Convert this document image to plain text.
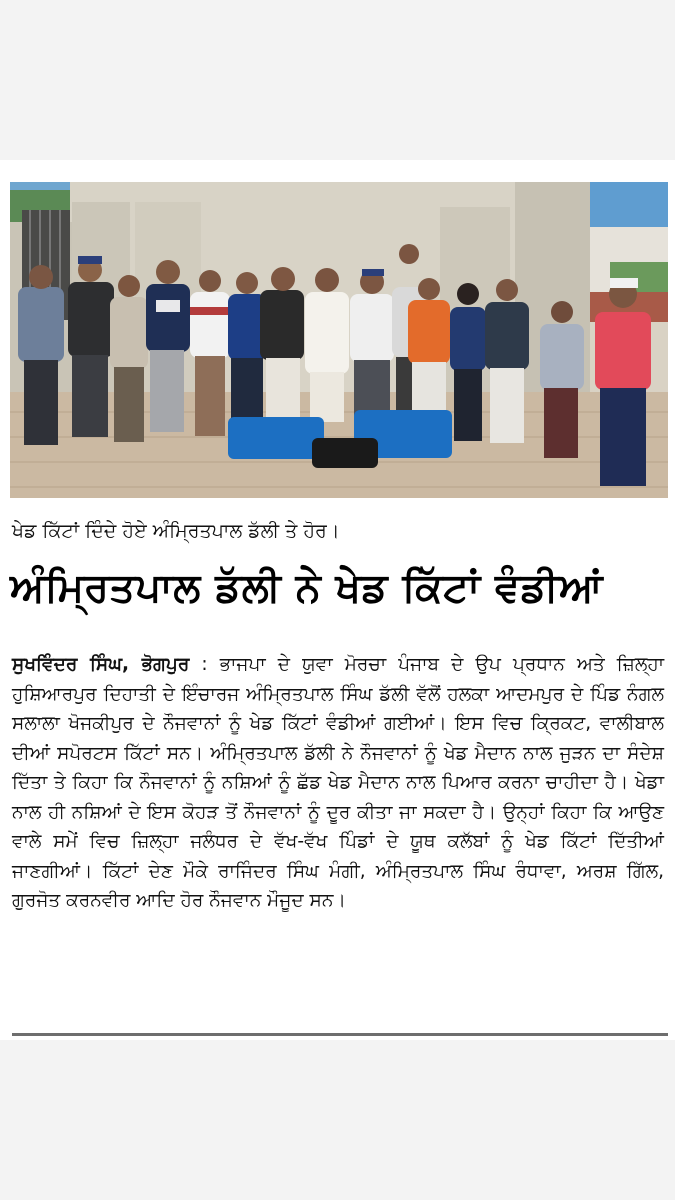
ਖੇਡ ਕਿੱਟਾਂ ਦਿੰਦੇ ਹੋਏ ਅੰਮ੍ਰਿਤਪਾਲ ਡੱਲੀ ਤੇ ਹੋਰ।
ਅੰਮ੍ਰਿਤਪਾਲ ਡੱਲੀ ਨੇ ਖੇਡ ਕਿੱਟਾਂ ਵੰਡੀਆਂ
ਸੁਖਵਿੰਦਰ ਸਿੰਘ, ਭੋਗਪੁਰ : ਭਾਜਪਾ ਦੇ ਯੁਵਾ ਮੋਰਚਾ ਪੰਜਾਬ ਦੇ ਉਪ ਪ੍ਰਧਾਨ ਅਤੇ ਜ਼ਿਲ੍ਹਾ ਹੁਸ਼ਿਆਰਪੁਰ ਦਿਹਾਤੀ ਦੇ ਇੰਚਾਰਜ ਅੰਮ੍ਰਿਤਪਾਲ ਸਿੰਘ ਡੱਲੀ ਵੱਲੋਂ ਹਲਕਾ ਆਦਮਪੁਰ ਦੇ ਪਿੰਡ ਨੰਗਲ ਸਲਾਲਾ ਖੋਜਕੀਪੁਰ ਦੇ ਨੌਜਵਾਨਾਂ ਨੂੰ ਖੇਡ ਕਿੱਟਾਂ ਵੰਡੀਆਂ ਗਈਆਂ। ਇਸ ਵਿਚ ਕ੍ਰਿਕਟ, ਵਾਲੀਬਾਲ ਦੀਆਂ ਸਪੋਰਟਸ ਕਿੱਟਾਂ ਸਨ। ਅੰਮ੍ਰਿਤਪਾਲ ਡੱਲੀ ਨੇ ਨੌਜਵਾਨਾਂ ਨੂੰ ਖੇਡ ਮੈਦਾਨ ਨਾਲ ਜੁੜਨ ਦਾ ਸੰਦੇਸ਼ ਦਿੱਤਾ ਤੇ ਕਿਹਾ ਕਿ ਨੌਜਵਾਨਾਂ ਨੂੰ ਨਸ਼ਿਆਂ ਨੂੰ ਛੱਡ ਖੇਡ ਮੈਦਾਨ ਨਾਲ ਪਿਆਰ ਕਰਨਾ ਚਾਹੀਦਾ ਹੈ। ਖੇਡਾ ਨਾਲ ਹੀ ਨਸ਼ਿਆਂ ਦੇ ਇਸ ਕੋਹੜ ਤੋਂ ਨੌਜਵਾਨਾਂ ਨੂੰ ਦੂਰ ਕੀਤਾ ਜਾ ਸਕਦਾ ਹੈ। ਉਨ੍ਹਾਂ ਕਿਹਾ ਕਿ ਆਉਣ ਵਾਲੇ ਸਮੇਂ ਵਿਚ ਜ਼ਿਲ੍ਹਾ ਜਲੰਧਰ ਦੇ ਵੱਖ-ਵੱਖ ਪਿੰਡਾਂ ਦੇ ਯੂਥ ਕਲੱਬਾਂ ਨੂੰ ਖੇਡ ਕਿੱਟਾਂ ਦਿੱਤੀਆਂ ਜਾਣਗੀਆਂ। ਕਿੱਟਾਂ ਦੇਣ ਮੌਕੇ ਰਾਜਿੰਦਰ ਸਿੰਘ ਮੰਗੀ, ਅੰਮ੍ਰਿਤਪਾਲ ਸਿੰਘ ਰੰਧਾਵਾ, ਅਰਸ਼ ਗਿੱਲ, ਗੁਰਜੋਤ ਕਰਨਵੀਰ ਆਦਿ ਹੋਰ ਨੌਜਵਾਨ ਮੌਜੂਦ ਸਨ।
